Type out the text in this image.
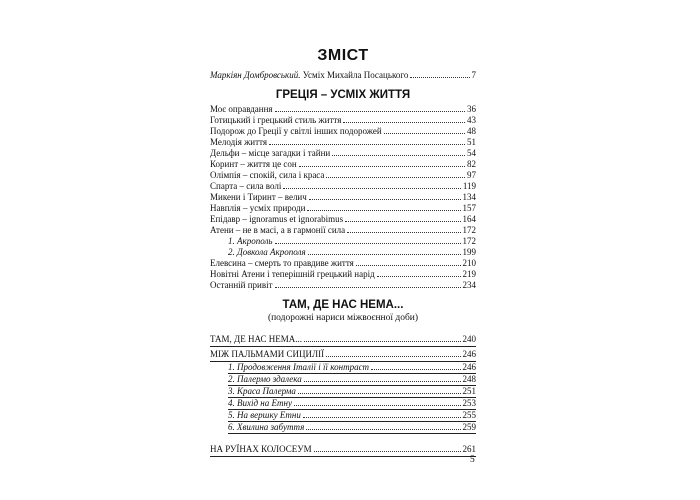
ЗМІСТ
Маркіян Домбровський. Усміх Михайла Посацького	7
ГРЕЦІЯ – УСМІХ ЖИТТЯ
Моє оправдання	36
Готицький і грецький стиль життя	43
Подорож до Греції у світлі інших подорожей	48
Мелодія життя	51
Дельфи – місце загадки і тайни	54
Коринт – життя це сон	82
Олімпія – спокій, сила і краса	97
Спарта – сила волі	119
Микени і Тиринт – велич	134
Навплія – усміх природи	157
Епідавр – ignoramus et ignorabimus	164
Атени – не в масі, а в гармонії сила	172
1. Акрополь	172
2. Довкола Акрополя	199
Елевсина – смерть то правдиве життя	210
Новітні Атени і теперішній грецький нарід	219
Останній привіт	234
ТАМ, ДЕ НАС НЕМА...
(подорожні нариси міжвоєнної доби)
ТАМ, ДЕ НАС НЕМА...	240
МІЖ ПАЛЬМАМИ СИЦИЛІЇ	246
1. Продовження Італії і її контраст	246
2. Палермо здалека	248
3. Краса Палерма	251
4. Вихід на Етну	253
5. На вершку Етни	255
6. Хвилина забуття	259
НА РУЇНАХ КОЛОСЕУМ	261
5
